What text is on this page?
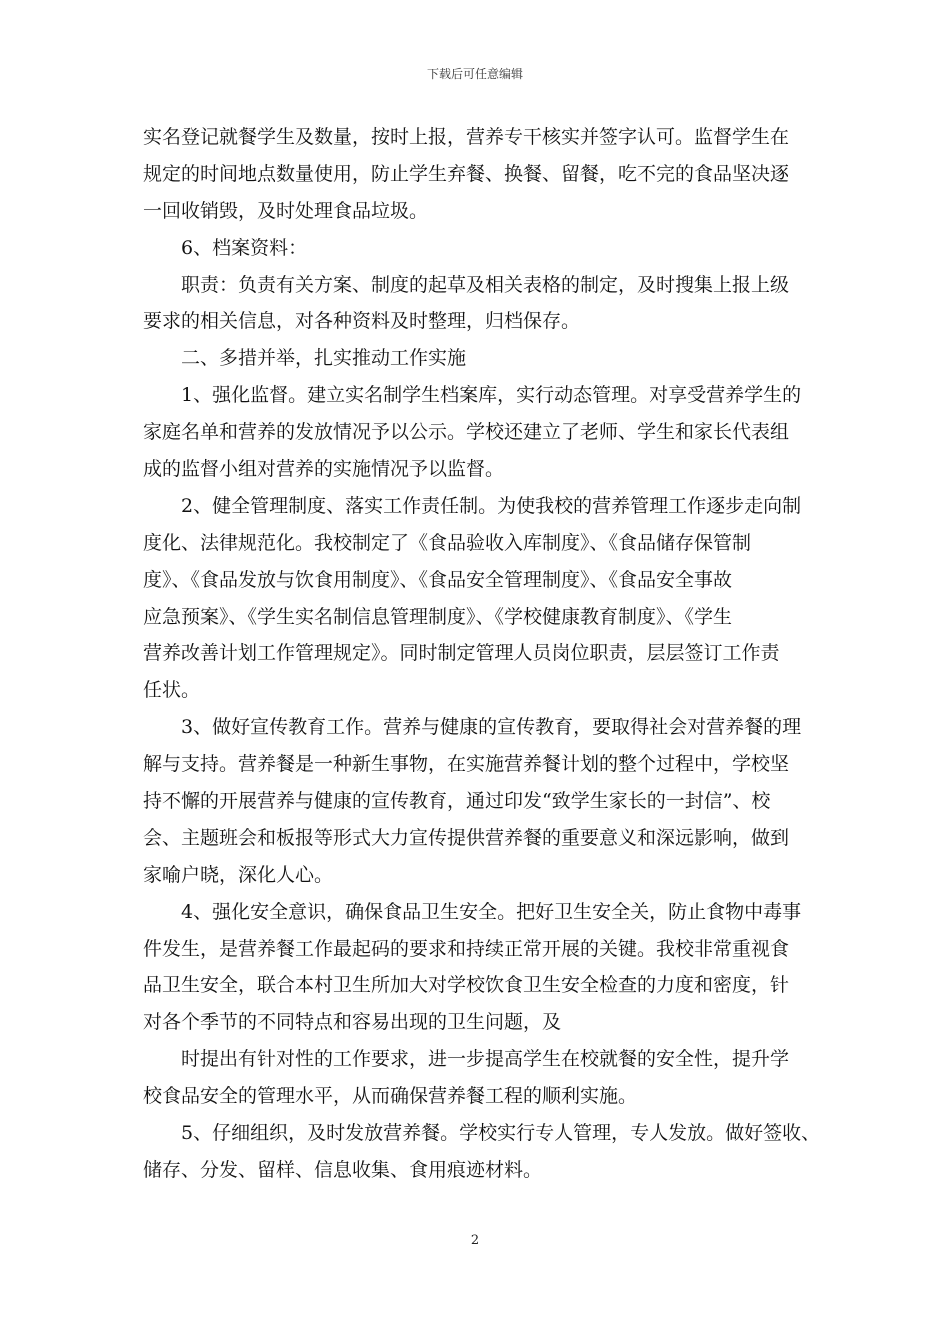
下载后可任意编辑
实名登记就餐学生及数量，按时上报，营养专干核实并签字认可。监督学生在
规定的时间地点数量使用，防止学生弃餐、换餐、留餐，吃不完的食品坚决逐
一回收销毁，及时处理食品垃圾。
6、档案资料：
职责：负责有关方案、制度的起草及相关表格的制定，及时搜集上报上级
要求的相关信息，对各种资料及时整理，归档保存。
二、多措并举，扎实推动工作实施
1、强化监督。建立实名制学生档案库，实行动态管理。对享受营养学生的
家庭名单和营养的发放情况予以公示。学校还建立了老师、学生和家长代表组
成的监督小组对营养的实施情况予以监督。
2、健全管理制度、落实工作责任制。为使我校的营养管理工作逐步走向制
度化、法律规范化。我校制定了《食品验收入库制度》、《食品储存保管制
度》、《食品发放与饮食用制度》、《食品安全管理制度》、《食品安全事故
应急预案》、《学生实名制信息管理制度》、《学校健康教育制度》、《学生
营养改善计划工作管理规定》。同时制定管理人员岗位职责，层层签订工作责
任状。
3、做好宣传教育工作。营养与健康的宣传教育，要取得社会对营养餐的理
解与支持。营养餐是一种新生事物，在实施营养餐计划的整个过程中，学校坚
持不懈的开展营养与健康的宣传教育，通过印发“致学生家长的一封信”、校
会、主题班会和板报等形式大力宣传提供营养餐的重要意义和深远影响，做到
家喻户晓，深化人心。
4、强化安全意识，确保食品卫生安全。把好卫生安全关，防止食物中毒事
件发生，是营养餐工作最起码的要求和持续正常开展的关键。我校非常重视食
品卫生安全，联合本村卫生所加大对学校饮食卫生安全检查的力度和密度，针
对各个季节的不同特点和容易出现的卫生问题，及
时提出有针对性的工作要求，进一步提高学生在校就餐的安全性，提升学
校食品安全的管理水平，从而确保营养餐工程的顺利实施。
5、仔细组织，及时发放营养餐。学校实行专人管理，专人发放。做好签收、
储存、分发、留样、信息收集、食用痕迹材料。
2
